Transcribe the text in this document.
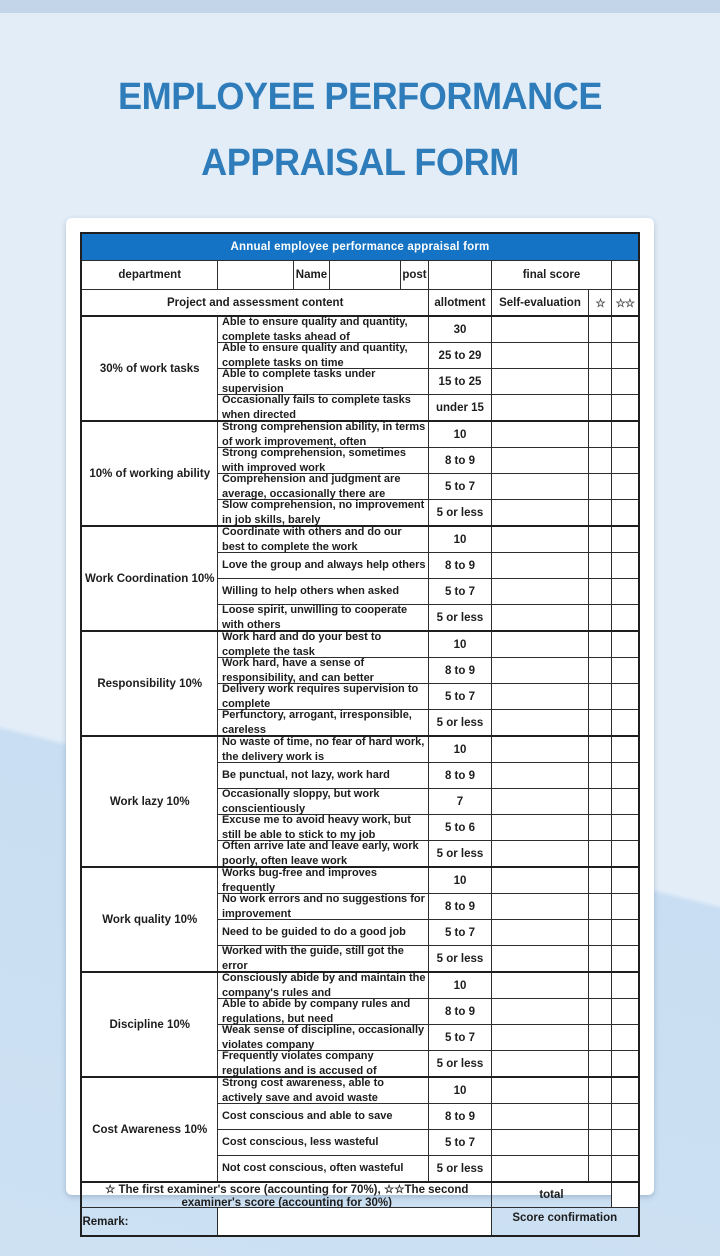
EMPLOYEE PERFORMANCE
APPRAISAL FORM
Annual employee performance appraisal form								
department		Name		post		final score		
Project and assessment content					allotment	Self-evaluation	☆	☆☆
30% of work tasks	Able to ensure quality and quantity, complete tasks ahead of				30			

	Able to ensure quality and quantity, complete tasks on time				25 to 29			

	Able to complete tasks under supervision				15 to 25			

	Occasionally fails to complete tasks when directed				under 15			
10% of working ability	Strong comprehension ability, in terms of work improvement, often				10			

	Strong comprehension, sometimes with improved work				8 to 9			

	Comprehension and judgment are average, occasionally there are				5 to 7			

	Slow comprehension, no improvement in job skills, barely				5 or less			
Work Coordination 10%	Coordinate with others and do our best to complete the work				10			

	Love the group and always help others				8 to 9			

	Willing to help others when asked				5 to 7			

	Loose spirit, unwilling to cooperate with others				5 or less			
Responsibility 10%	Work hard and do your best to complete the task				10			

	Work hard, have a sense of responsibility, and can better				8 to 9			

	Delivery work requires supervision to complete				5 to 7			

	Perfunctory, arrogant, irresponsible, careless				5 or less			
Work lazy 10%	No waste of time, no fear of hard work, the delivery work is				10			

	Be punctual, not lazy, work hard				8 to 9			

	Occasionally sloppy, but work conscientiously				7			

	Excuse me to avoid heavy work, but still be able to stick to my job				5 to 6			

	Often arrive late and leave early, work poorly, often leave work				5 or less			
Work quality 10%	Works bug-free and improves frequently				10			

	No work errors and no suggestions for improvement				8 to 9			

	Need to be guided to do a good job				5 to 7			

	Worked with the guide, still got the error				5 or less			
Discipline 10%	Consciously abide by and maintain the company's rules and				10			

	Able to abide by company rules and regulations, but need				8 to 9			

	Weak sense of discipline, occasionally violates company				5 to 7			

	Frequently violates company regulations and is accused of				5 or less			
Cost Awareness 10%	Strong cost awareness, able to actively save and avoid waste				10			

	Cost conscious and able to save				8 to 9			

	Cost conscious, less wasteful				5 to 7			

	Not cost conscious, often wasteful				5 or less			

☆ The first examiner's score (accounting for 70%), ☆☆The second examiner's score (accounting for 30%)						total		
Remark:						Score confirmation		
